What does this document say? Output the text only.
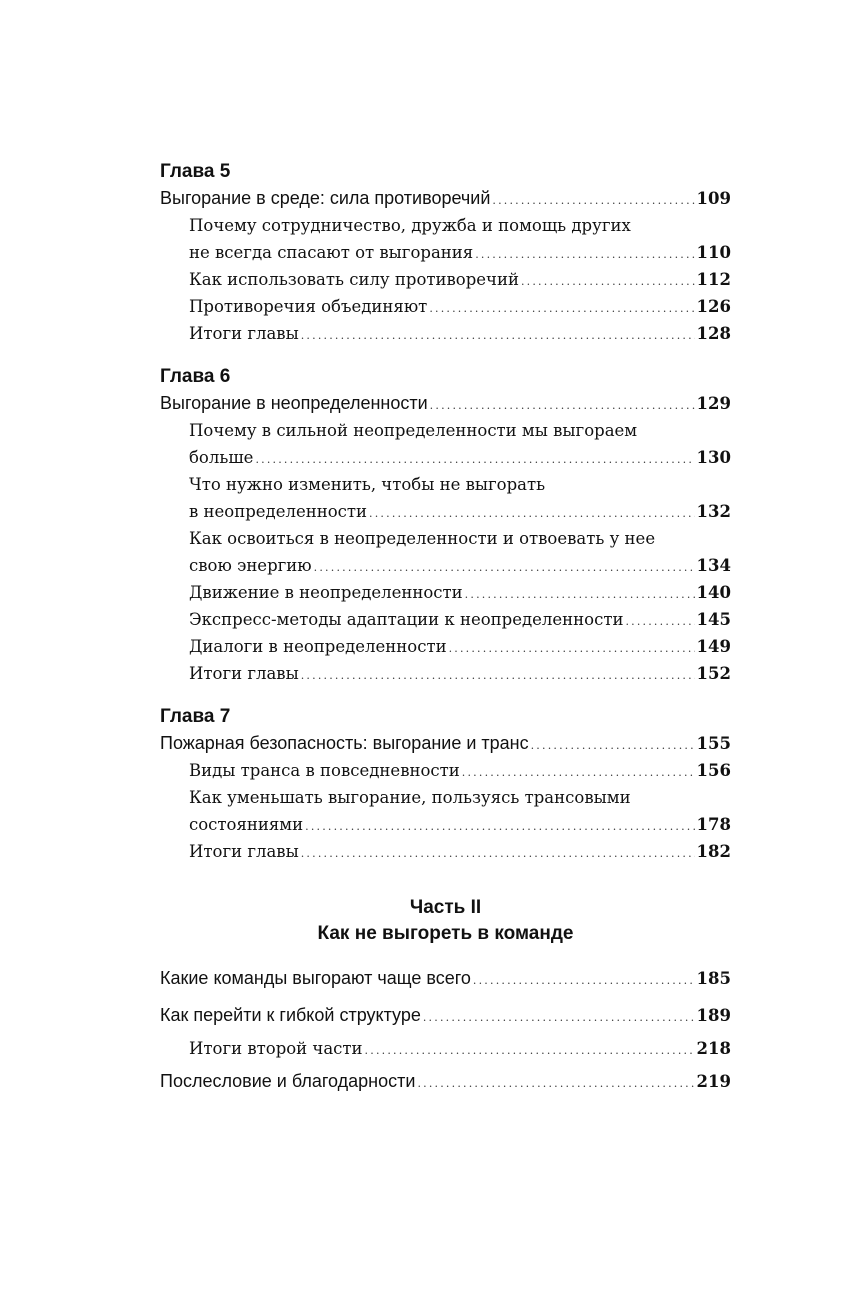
Глава 5
Выгорание в среде: сила противоречий .....	109
Почему сотрудничество, дружба и помощь других
не всегда спасают от выгорания .....	110
Как использовать силу противоречий .....	112
Противоречия объединяют .....	126
Итоги главы .....	128
Глава 6
Выгорание в неопределенности .....	129
Почему в сильной неопределенности мы выгораем
больше .....	130
Что нужно изменить, чтобы не выгорать
в неопределенности .....	132
Как освоиться в неопределенности и отвоевать у нее
свою энергию .....	134
Движение в неопределенности .....	140
Экспресс-методы адаптации к неопределенности .....	145
Диалоги в неопределенности .....	149
Итоги главы .....	152
Глава 7
Пожарная безопасность: выгорание и транс .....	155
Виды транса в повседневности .....	156
Как уменьшать выгорание, пользуясь трансовыми
состояниями .....	178
Итоги главы .....	182
Часть II
Как не выгореть в команде
Какие команды выгорают чаще всего .....	185
Как перейти к гибкой структуре .....	189
Итоги второй части .....	218
Послесловие и благодарности .....	219
